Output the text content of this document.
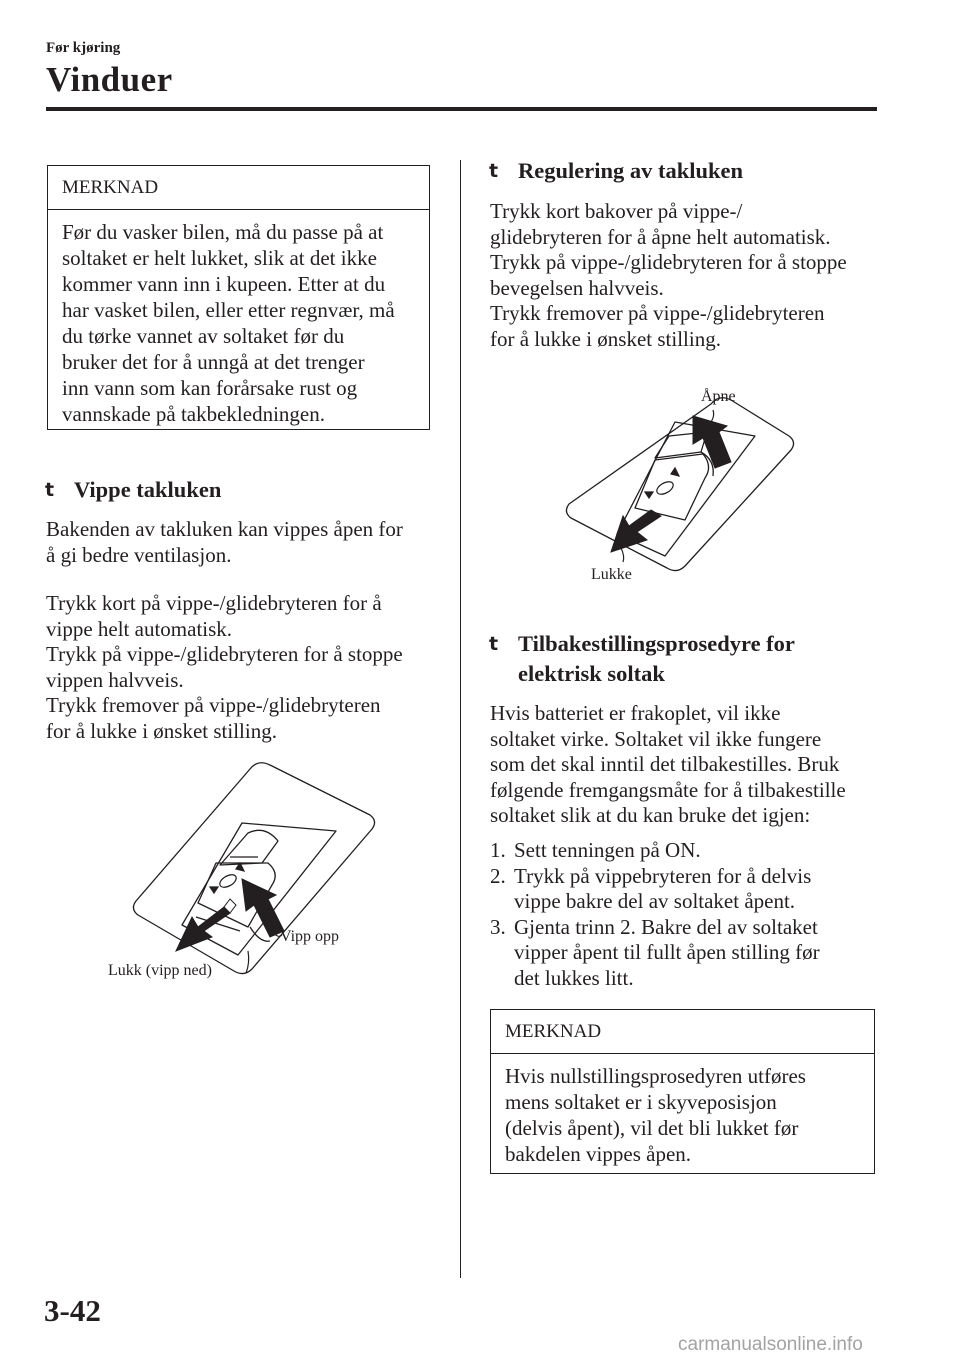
Før kjøring
Vinduer
MERKNAD
Før du vasker bilen, må du passe på at
soltaket er helt lukket, slik at det ikke
kommer vann inn i kupeen. Etter at du
har vasket bilen, eller etter regnvær, må
du tørke vannet av soltaket før du
bruker det for å unngå at det trenger
inn vann som kan forårsake rust og
vannskade på takbekledningen.
t Vippe takluken
Bakenden av takluken kan vippes åpen for
å gi bedre ventilasjon.
Trykk kort på vippe-/glidebryteren for å
vippe helt automatisk.
Trykk på vippe-/glidebryteren for å stoppe
vippen halvveis.
Trykk fremover på vippe-/glidebryteren
for å lukke i ønsket stilling.
Vipp opp
Lukk (vipp ned)
t Regulering av takluken
Trykk kort bakover på vippe-/
glidebryteren for å åpne helt automatisk.
Trykk på vippe-/glidebryteren for å stoppe
bevegelsen halvveis.
Trykk fremover på vippe-/glidebryteren
for å lukke i ønsket stilling.
Åpne
Lukke
t Tilbakestillingsprosedyre for
elektrisk soltak
Hvis batteriet er frakoplet, vil ikke
soltaket virke. Soltaket vil ikke fungere
som det skal inntil det tilbakestilles. Bruk
følgende fremgangsmåte for å tilbakestille
soltaket slik at du kan bruke det igjen:
1. Sett tenningen på ON.
2. Trykk på vippebryteren for å delvis
vippe bakre del av soltaket åpent.
3. Gjenta trinn 2. Bakre del av soltaket
vipper åpent til fullt åpen stilling før
det lukkes litt.
MERKNAD
Hvis nullstillingsprosedyren utføres
mens soltaket er i skyveposisjon
(delvis åpent), vil det bli lukket før
bakdelen vippes åpen.
3-42
carmanualsonline.info
